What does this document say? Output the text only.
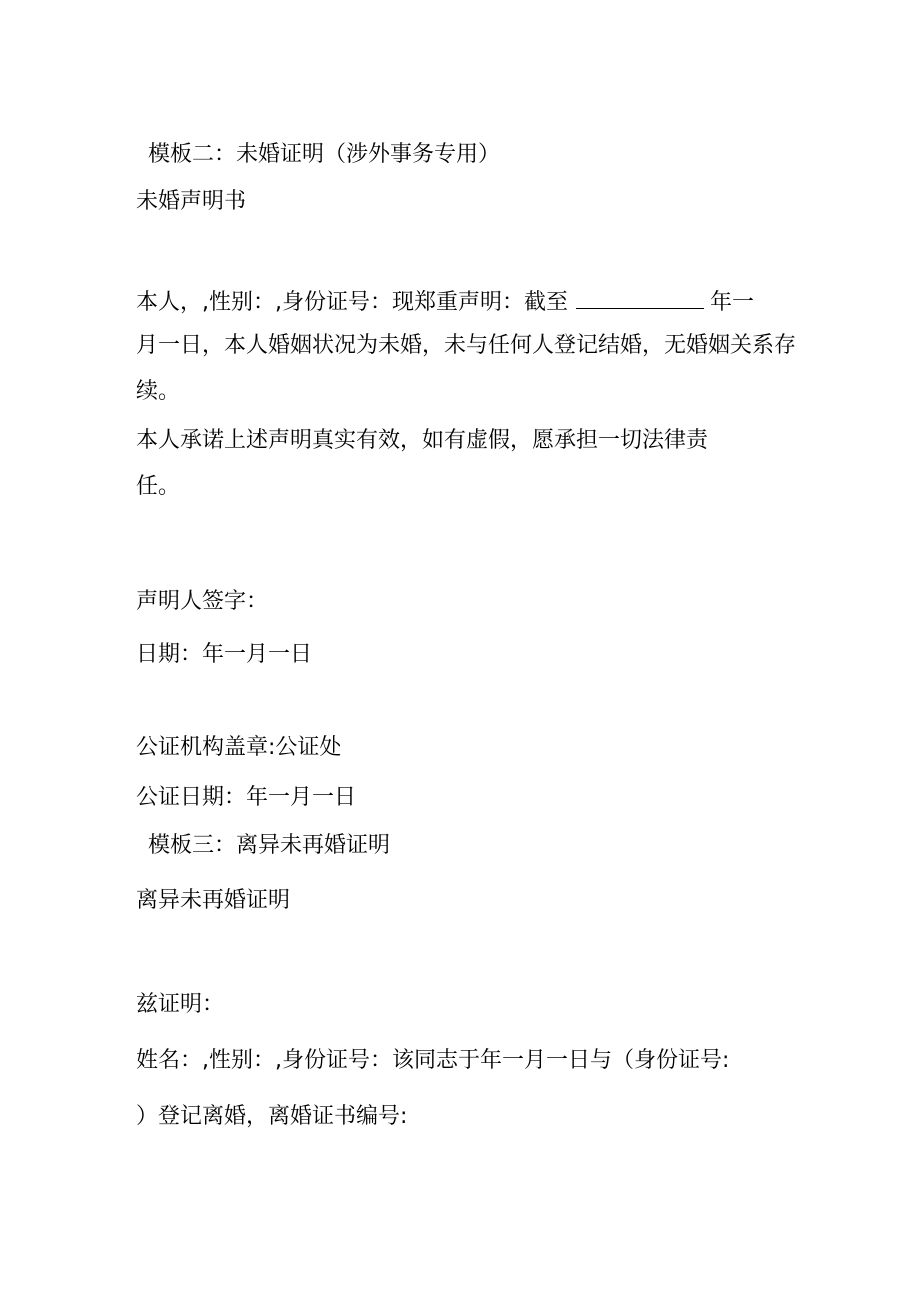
模板二：未婚证明（涉外事务专用）
未婚声明书
本人，,性别：,身份证号：现郑重声明：截至	年一
月一日，本人婚姻状况为未婚，未与任何人登记结婚，无婚姻关系存
续。
本人承诺上述声明真实有效，如有虚假，愿承担一切法律责
任。
声明人签字：
日期：年一月一日
公证机构盖章:公证处
公证日期：年一月一日
模板三：离异未再婚证明
离异未再婚证明
兹证明：
姓名：,性别：,身份证号：该同志于年一月一日与（身份证号:
）登记离婚，离婚证书编号:
